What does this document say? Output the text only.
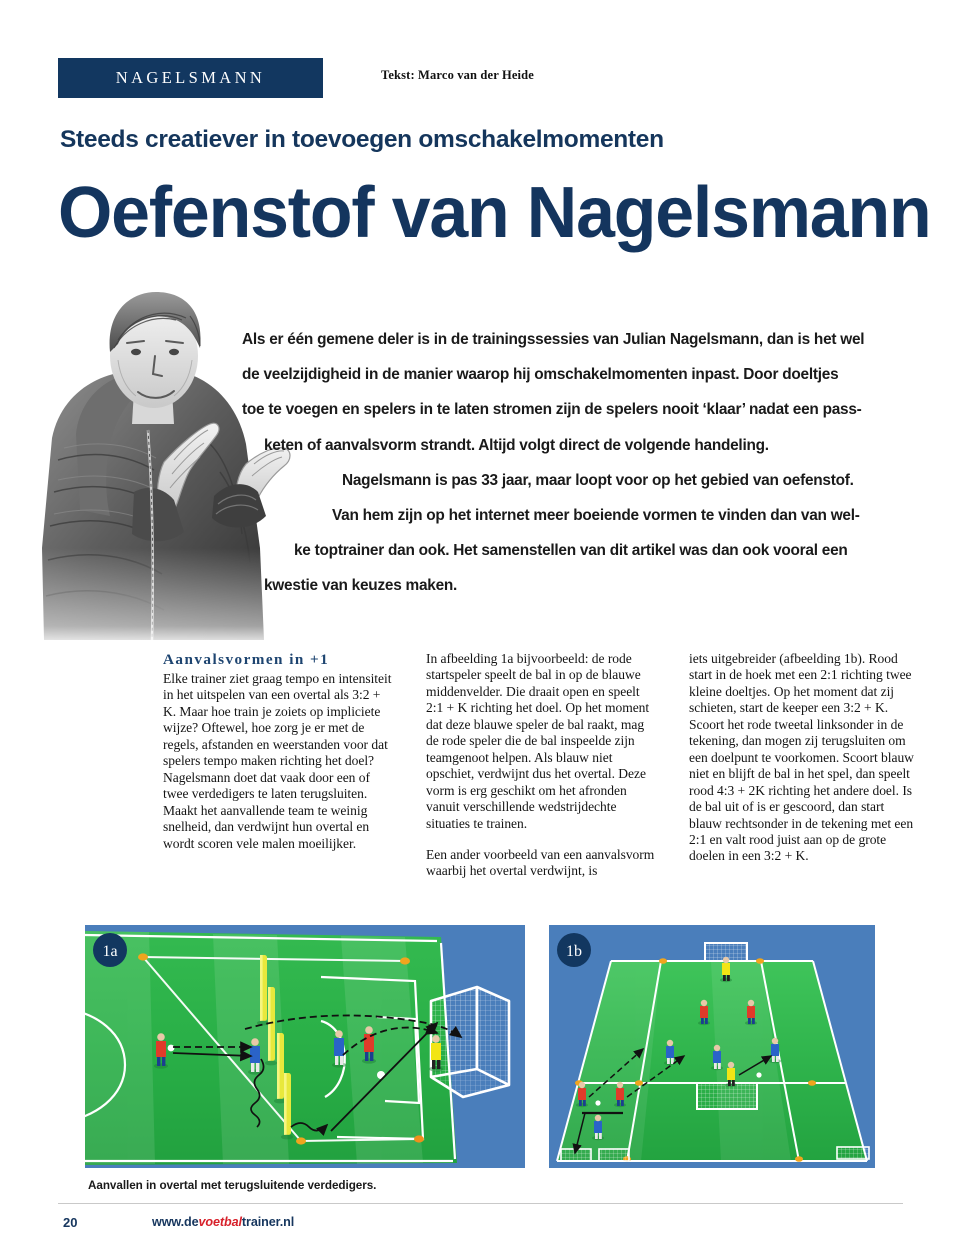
NAGELSMANN	Tekst: Marco van der Heide
Steeds creatiever in toevoegen omschakelmomenten
Oefenstof van Nagelsmann
Als er één gemene deler is in de trainingssessies van Julian Nagelsmann, dan is het wel
de veelzijdigheid in de manier waarop hij omschakelmomenten inpast. Door doeltjes
toe te voegen en spelers in te laten stromen zijn de spelers nooit ‘klaar’ nadat een pass-
keten of aanvalsvorm strandt. Altijd volgt direct de volgende handeling.
Nagelsmann is pas 33 jaar, maar loopt voor op het gebied van oefenstof.
Van hem zijn op het internet meer boeiende vormen te vinden dan van wel-
ke toptrainer dan ook. Het samenstellen van dit artikel was dan ook vooral een
kwestie van keuzes maken.
Aanvalsvormen in +1

Elke trainer ziet graag tempo en intensiteit in het uitspelen van een overtal als 3:2 + K. Maar hoe train je zoiets op impliciete wijze? Oftewel, hoe zorg je er met de regels, afstanden en weerstanden voor dat spelers tempo maken richting het doel? Nagelsmann doet dat vaak door een of twee verdedigers te laten terugsluiten. Maakt het aanvallende team te weinig snelheid, dan verdwijnt hun overtal en wordt scoren vele malen moeilijker.

In afbeelding 1a bijvoorbeeld: de rode startspeler speelt de bal in op de blauwe middenvelder. Die draait open en speelt 2:1 + K richting het doel. Op het moment dat deze blauwe speler de bal raakt, mag de rode speler die de bal inspeelde zijn teamgenoot helpen. Als blauw niet opschiet, verdwijnt dus het overtal. Deze vorm is erg geschikt om het afronden vanuit verschillende wedstrijdechte situaties te trainen.

Een ander voorbeeld van een aanvalsvorm waarbij het overtal verdwijnt, is

iets uitgebreider (afbeelding 1b). Rood start in de hoek met een 2:1 richting twee kleine doeltjes. Op het moment dat zij schieten, start de keeper een 3:2 + K. Scoort het rode tweetal linksonder in de tekening, dan mogen zij terugsluiten om een doelpunt te voorkomen. Scoort blauw niet en blijft de bal in het spel, dan speelt rood 4:3 + 2K richting het andere doel. Is de bal uit of is er gescoord, dan start blauw rechtsonder in de tekening met een 2:1 en valt rood juist aan op de grote doelen in een 3:2 + K.

1a	1b
Aanvallen in overtal met terugsluitende verdedigers.
20	www.devoetbaltrainer.nl
